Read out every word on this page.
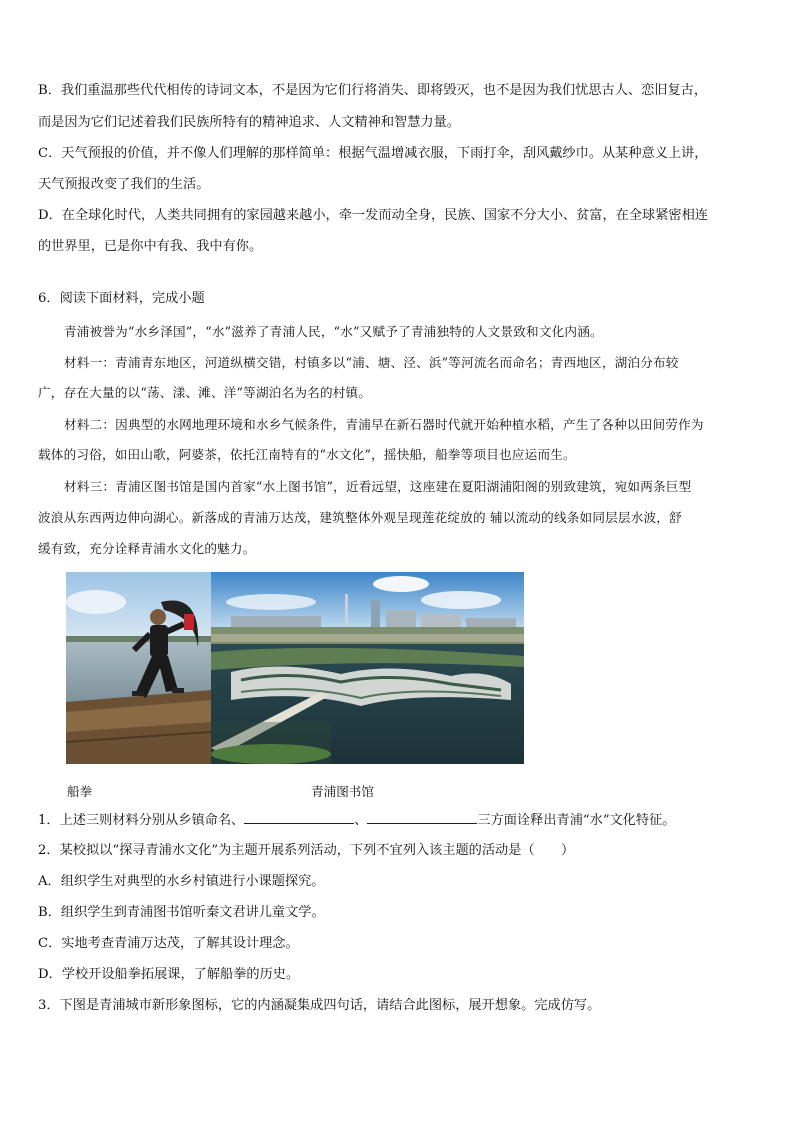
B．我们重温那些代代相传的诗词文本，不是因为它们行将消失、即将毁灭，也不是因为我们忧思古人、恋旧复古，
而是因为它们记述着我们民族所特有的精神追求、人文精神和智慧力量。
C．天气预报的价值，并不像人们理解的那样简单：根据气温增减衣服，下雨打伞，刮风戴纱巾。从某种意义上讲，
天气预报改变了我们的生活。
D．在全球化时代，人类共同拥有的家园越来越小，牵一发而动全身，民族、国家不分大小、贫富，在全球紧密相连
的世界里，已是你中有我、我中有你。
6．阅读下面材料，完成小题
青浦被誉为“水乡泽国”，“水”滋养了青浦人民，“水”又赋予了青浦独特的人文景致和文化内涵。
材料一：青浦青东地区，河道纵横交错，村镇多以“浦、塘、泾、浜”等河流名而命名；青西地区，湖泊分布较
广，存在大量的以“荡、漾、滩、洋”等湖泊名为名的村镇。
材料二：因典型的水网地理环境和水乡气候条件，青浦早在新石器时代就开始种植水稻，产生了各种以田间劳作为
载体的习俗，如田山歌，阿婆茶，依托江南特有的“水文化”，摇快船，船拳等项目也应运而生。
材料三：青浦区图书馆是国内首家“水上图书馆”，近看远望，这座建在夏阳湖浦阳阁的别致建筑，宛如两条巨型
波浪从东西两边伸向湖心。新落成的青浦万达茂，建筑整体外观呈现莲花绽放的 辅以流动的线条如同层层水波，舒
缓有致，充分诠释青浦水文化的魅力。
船拳	青浦图书馆
1．上述三则材料分别从乡镇命名、	、	三方面诠释出青浦“水”文化特征。
2．某校拟以“探寻青浦水文化”为主题开展系列活动，下列不宜列入该主题的活动是（　　）
A．组织学生对典型的水乡村镇进行小课题探究。
B．组织学生到青浦图书馆听秦文君讲儿童文学。
C．实地考查青浦万达茂，了解其设计理念。
D．学校开设船拳拓展课，了解船拳的历史。
3．下图是青浦城市新形象图标，它的内涵凝集成四句话，请结合此图标，展开想象。完成仿写。
